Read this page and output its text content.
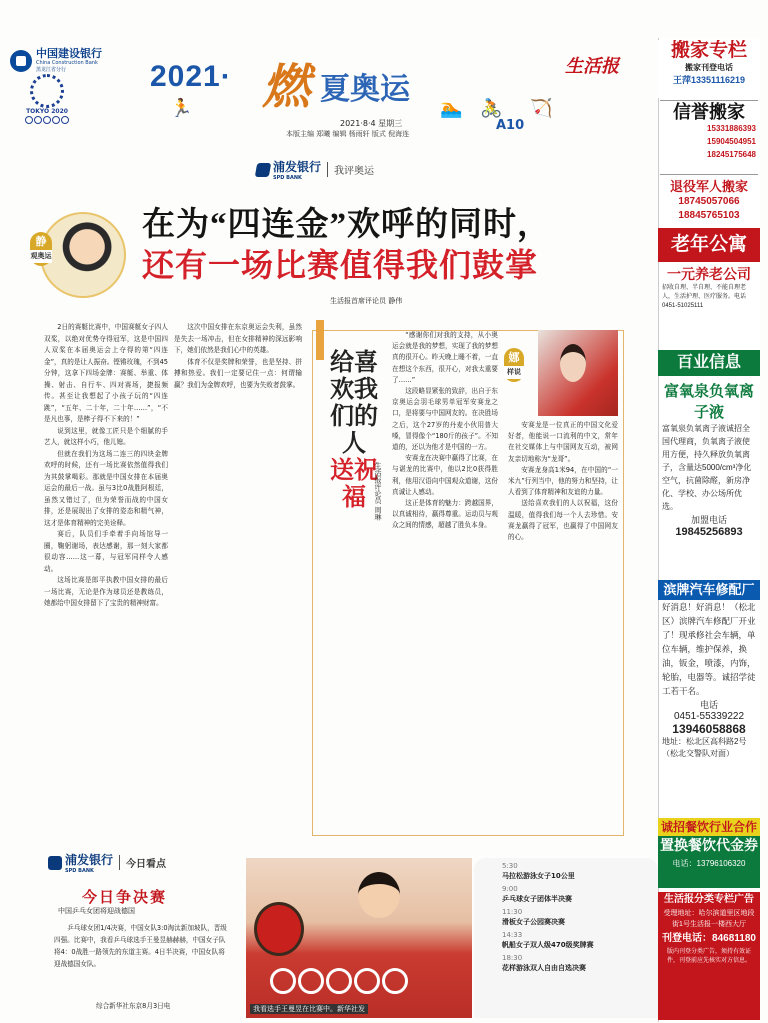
中国建设银行
China Construction Bank
黑龙江省分行
TOKYO 2020
2021· 燃 夏奥运
🏃	🏊 🚴 🏹
生活报
2021·8·4 星期三	A10
本版主编 郑曦 编辑 杨雨轩 版式 倪海连
浦发银行
SPD BANK
我评奥运
静
观奥运
在为“四连金”欢呼的同时，
还有一场比赛值得我们鼓掌
生活报首席评论员 静伟

2日的赛艇比赛中，中国赛艇女子四人双桨，以绝对优势夺得冠军，这是中国四人双桨在本届奥运会上夺得的第“四连金”，真的是让人振奋。铿锵玫瑰，不到45分钟，这拿下四场金牌：赛艇、举重、体操、射击、自行车、四对赛场，捷报频传。甚至让我想起了小孩子玩的“四连跳”，“五年、二十年，二十年……”，“不是凡也事，是棒子得不下来的！”

说到这里，就像工匠只是个细腻的手艺人，就这样小巧，他儿媳。

但就在我们为这场二连三的四块金牌欢呼的时候，还有一场比赛依然值得我们为其鼓掌喝彩。那就是中国女排在本届奥运会的最后一战。虽与3比0战胜阿根廷，虽然又错过了，但为荣誉而战的中国女排，还是展现出了女排的姿态和精气神，这才是体育精神的完美诠释。

赛后，队员们手牵着手向场馆导一圈，鞠躬谢场，表达感谢，那一刻大家都很动容……这一幕，与冠军同样令人感动。

这场比赛是郎平执教中国女排的最后一场比赛，无论是作为球员还是教练员，她都给中国女排留下了宝贵的精神财富。

这次中国女排在东京奥运会失利，虽然是失去一场冲击，但在女排精神的深远影响下，她们依然是我们心中的英雄。

体育不仅是奖牌和荣誉，也是坚持、拼搏和热爱。我们一定要记住一点：何谓输赢？我们为金牌欢呼，也要为失败者鼓掌。

给喜欢我们的人
送祝福	生活报评论员 周琳
娜
样说

“感谢你们对我的支持，从小奥运会就是我的梦想，实现了我的梦想真的很开心。昨天晚上睡不着，一直在想这个东西，很开心，对我太重要了……”

这段略显紧张的致辞，出自于东京奥运会羽毛球男单冠军安赛龙之口，是将要与中国网友的。在决胜场之后，这个27岁的丹麦小伙用普大嗓，冒得像个“180斤的孩子”。不知道的，还以为他才是中国的一方。

安赛龙在决赛中赢得了比赛，在与谌龙的比赛中，他以2比0获得胜利，他用汉语向中国观众道谢，这份真诚让人感动。

这正是体育的魅力：跨越国界，以真诚相待，赢得尊重。运动员与观众之间的情感，超越了胜负本身。

安赛龙是一位真正的中国文化爱好者，他能说一口流利的中文，常年在社交媒体上与中国网友互动，被网友亲切地称为“龙哥”。

安赛龙身高1米94，在中国的“一米九”行列当中，他的努力和坚持，让人看到了体育精神和友谊的力量。

送给喜欢我们的人以祝福，这份温暖，值得我们每一个人去珍惜。安赛龙赢得了冠军，也赢得了中国网友的心。

浦发银行
SPD BANK
今日看点
今日争决赛
中国乒乓女团将迎战德国
乒乓球女团1/4决赛，中国女队3:0淘汰新加坡队，晋级四强。比赛中，我看乒乓球选手王曼昱赫赫赫，中国女子队将4：0战胜一路领先的东道主赛。4日半决赛，中国女队将迎战德国女队。
综合新华社东京8月3日电	我看选手王曼昱在比赛中。新华社发
5:30
马拉松游泳女子10公里
9:00
乒乓球女子团体半决赛
11:30
滑板女子公园赛决赛
14:33
帆船女子双人级470级奖牌赛
18:30
花样游泳双人自由自选决赛
搬家专栏
搬家刊登电话
王萍13351116219
信誉搬家
15331886393 15904504951 18245175648
退役军人搬家
18745057066 18845765103
老年公寓
一元养老公司
招收自理、半自理、不能自理老人，生活护理、医疗服务。电话 0451-51025111
百业信息
富氧泉负氧离子液
富氧泉负氧离子液诚招全国代理商，负氧离子液使用方便，持久释放负氧离子，含量达5000/cm³净化空气，抗菌除醛，新房净化、学校、办公场所优选。
加盟电话
19845256893
滨牌汽车修配厂
好消息！好消息！（松北区）滨牌汽车修配厂开业了！现承修社会车辆，单位车辆，维护保养，换油，钣金，喷漆，内饰，轮胎，电器等。诚招学徒工若干名。
电话
0451-55339222
13946058868
地址：松北区高科路2号（松北交警队对面）
诚招餐饮行业合作
置换餐饮代金券
电话：13796106320
生活报分类专栏广告
受理地址：哈尔滨道里区地段街1号生活报一楼西大厅
刊登电话：84681180
版内刊登分类广告，须持有效证件，刊登前应先核实对方信息。
